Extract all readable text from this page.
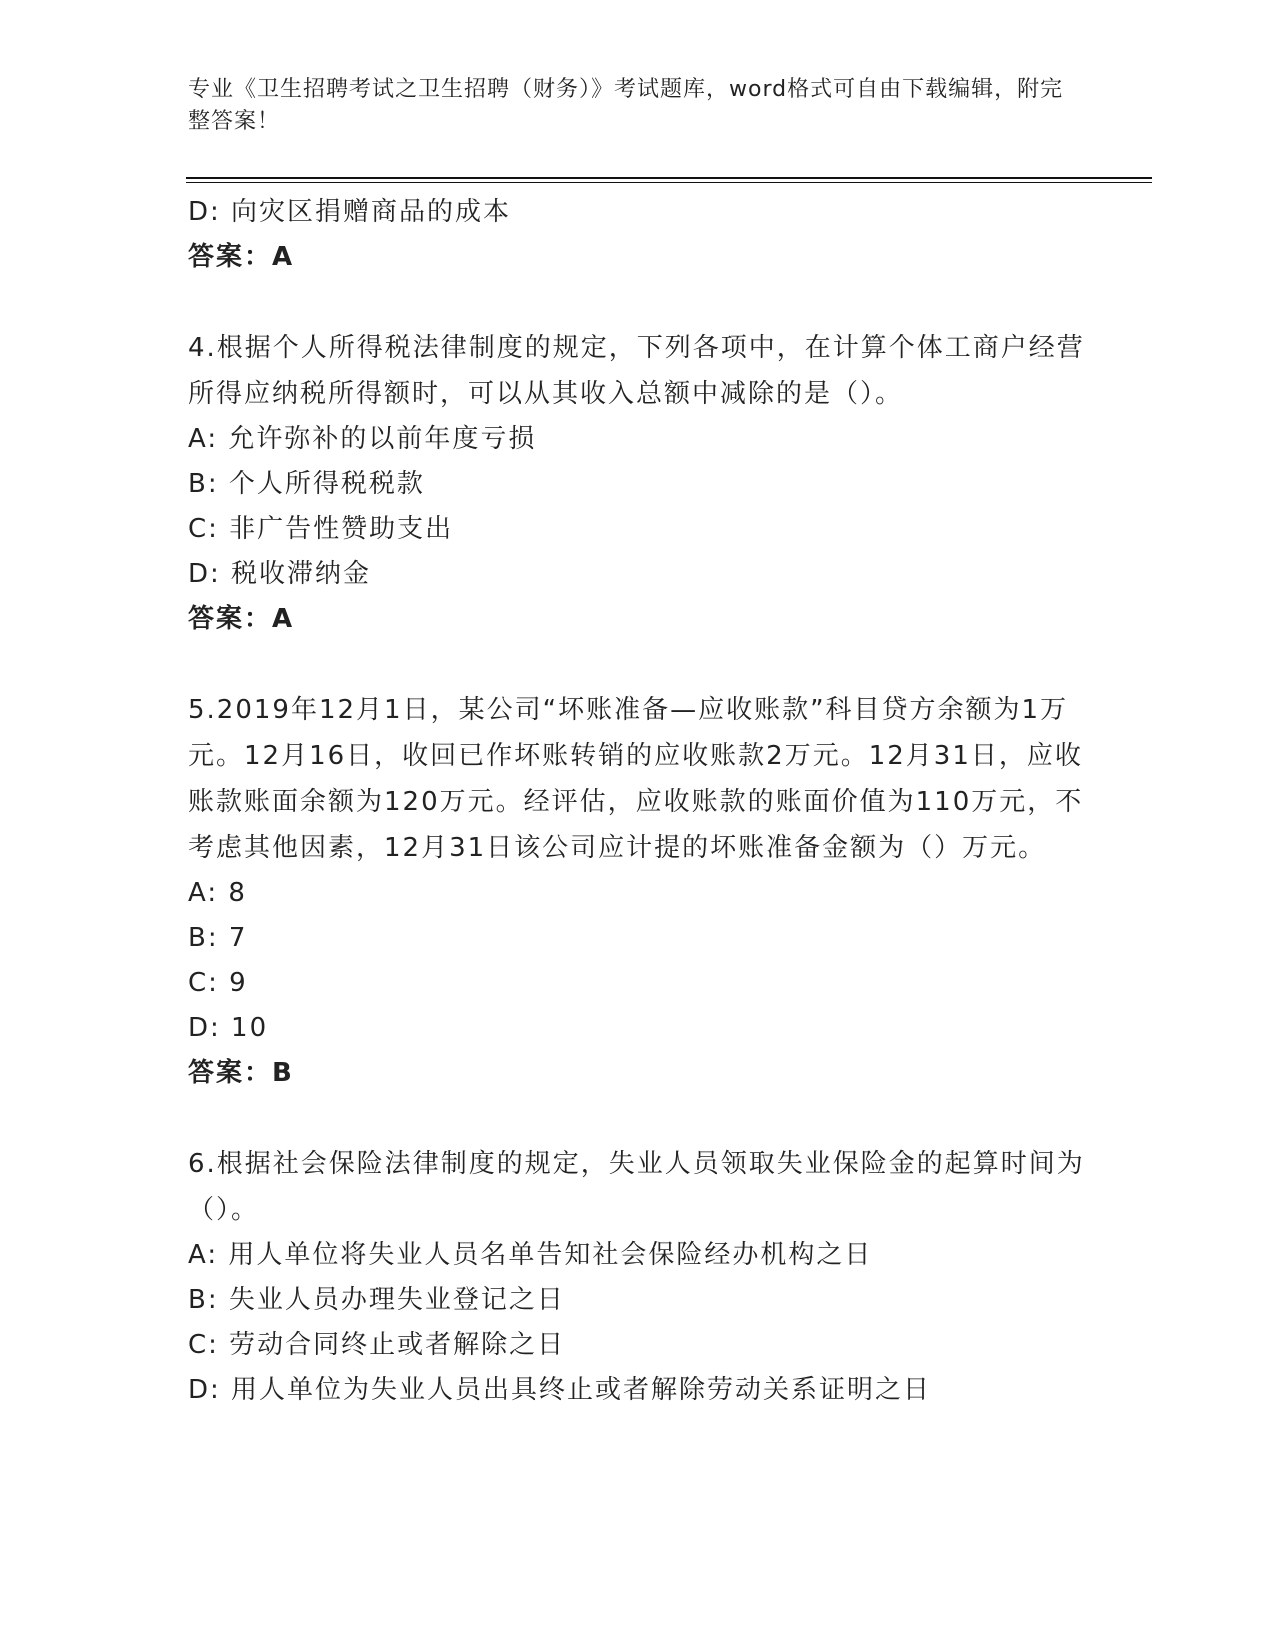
专业《卫生招聘考试之卫生招聘（财务）》考试题库，word格式可自由下载编辑，附完整答案！
D: 向灾区捐赠商品的成本
答案：A
4.根据个人所得税法律制度的规定，下列各项中，在计算个体工商户经营所得应纳税所得额时，可以从其收入总额中减除的是（）。
A: 允许弥补的以前年度亏损
B: 个人所得税税款
C: 非广告性赞助支出
D: 税收滞纳金
答案：A
5.2019年12月1日，某公司“坏账准备—应收账款”科目贷方余额为1万元。12月16日，收回已作坏账转销的应收账款2万元。12月31日，应收账款账面余额为120万元。经评估，应收账款的账面价值为110万元，不考虑其他因素，12月31日该公司应计提的坏账准备金额为（）万元。
A: 8
B: 7
C: 9
D: 10
答案：B
6.根据社会保险法律制度的规定，失业人员领取失业保险金的起算时间为（）。
A: 用人单位将失业人员名单告知社会保险经办机构之日
B: 失业人员办理失业登记之日
C: 劳动合同终止或者解除之日
D: 用人单位为失业人员出具终止或者解除劳动关系证明之日
